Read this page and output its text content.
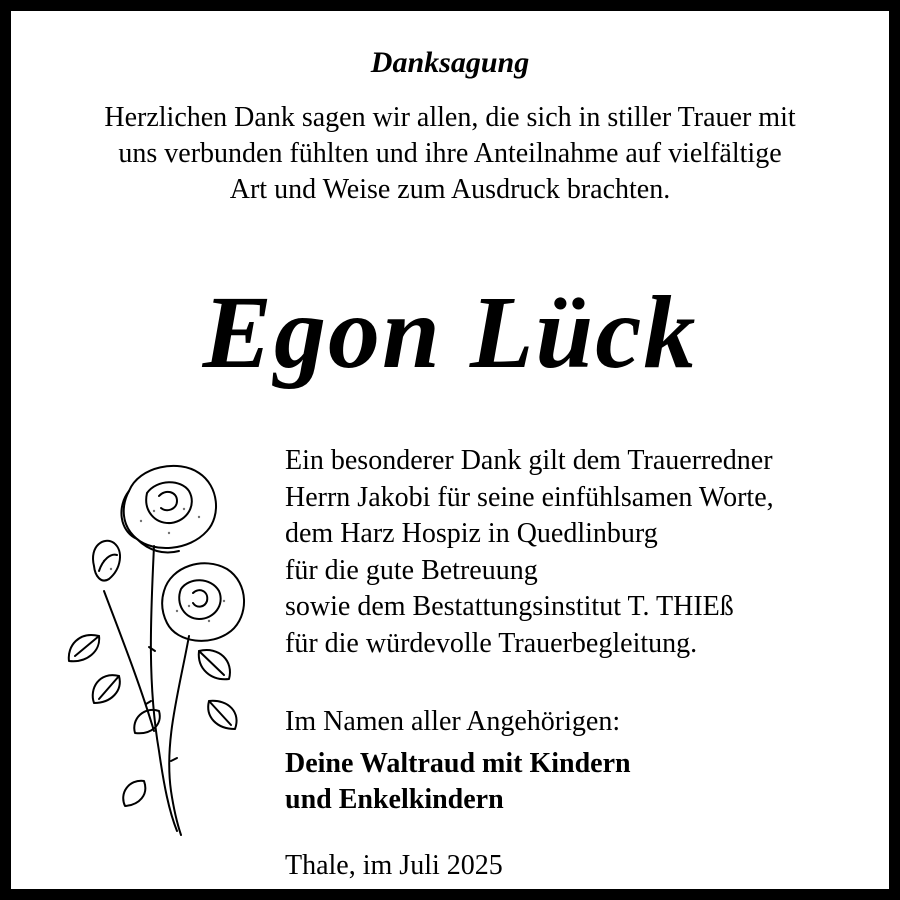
Danksagung
Herzlichen Dank sagen wir allen, die sich in stiller Trauer mit
uns verbunden fühlten und ihre Anteilnahme auf vielfältige
Art und Weise zum Ausdruck brachten.
Egon Lück
Ein besonderer Dank gilt dem Trauerredner
Herrn Jakobi für seine einfühlsamen Worte,
dem Harz Hospiz in Quedlinburg
für die gute Betreuung
sowie dem Bestattungsinstitut T. THIEß
für die würdevolle Trauerbegleitung.
Im Namen aller Angehörigen:
Deine Waltraud mit Kindern
und Enkelkindern
Thale, im Juli 2025
